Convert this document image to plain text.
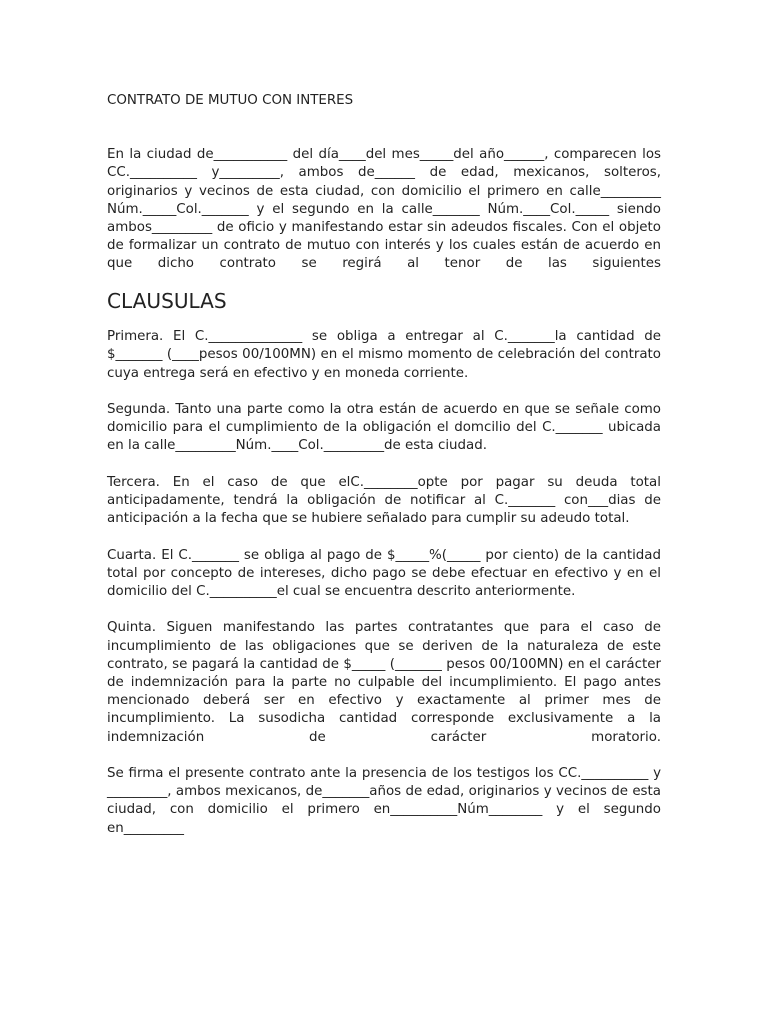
CONTRATO DE MUTUO CON INTERES

En la ciudad de___________ del día____del mes_____del año______, comparecen los CC.__________ y_________, ambos de______ de edad, mexicanos, solteros, originarios y vecinos de esta ciudad, con domicilio el primero en calle_________ Núm._____Col._______ y el segundo en la calle_______ Núm.____Col._____ siendo ambos_________ de oficio y manifestando estar sin adeudos fiscales. Con el objeto de formalizar un contrato de mutuo con interés y los cuales están de acuerdo en que dicho contrato se regirá al tenor de las siguientes

CLAUSULAS

Primera. El C.______________ se obliga a entregar al C._______la cantidad de $_______ (____pesos 00/100MN) en el mismo momento de celebración del contrato cuya entrega será en efectivo y en moneda corriente.

Segunda. Tanto una parte como la otra están de acuerdo en que se señale como domicilio para el cumplimiento de la obligación el domcilio del C._______ ubicada en la calle_________Núm.____Col._________de esta ciudad.

Tercera. En el caso de que elC.________opte por pagar su deuda total anticipadamente, tendrá la obligación de notificar al C._______ con___dias de anticipación a la fecha que se hubiere señalado para cumplir su adeudo total.

Cuarta. El C._______ se obliga al pago de $_____%(_____ por ciento) de la cantidad total por concepto de intereses, dicho pago se debe efectuar en efectivo y en el domicilio del C.__________el cual se encuentra descrito anteriormente.

Quinta. Siguen manifestando las partes contratantes que para el caso de incumplimiento de las obligaciones que se deriven de la naturaleza de este contrato, se pagará la cantidad de $_____ (_______ pesos 00/100MN) en el carácter de indemnización para la parte no culpable del incumplimiento. El pago antes mencionado deberá ser en efectivo y exactamente al primer mes de incumplimiento. La susodicha cantidad corresponde exclusivamente a la indemnización de carácter moratorio.

Se firma el presente contrato ante la presencia de los testigos los CC.__________ y _________, ambos mexicanos, de_______años de edad, originarios y vecinos de esta ciudad, con domicilio el primero en__________Núm________ y el segundo en_________
